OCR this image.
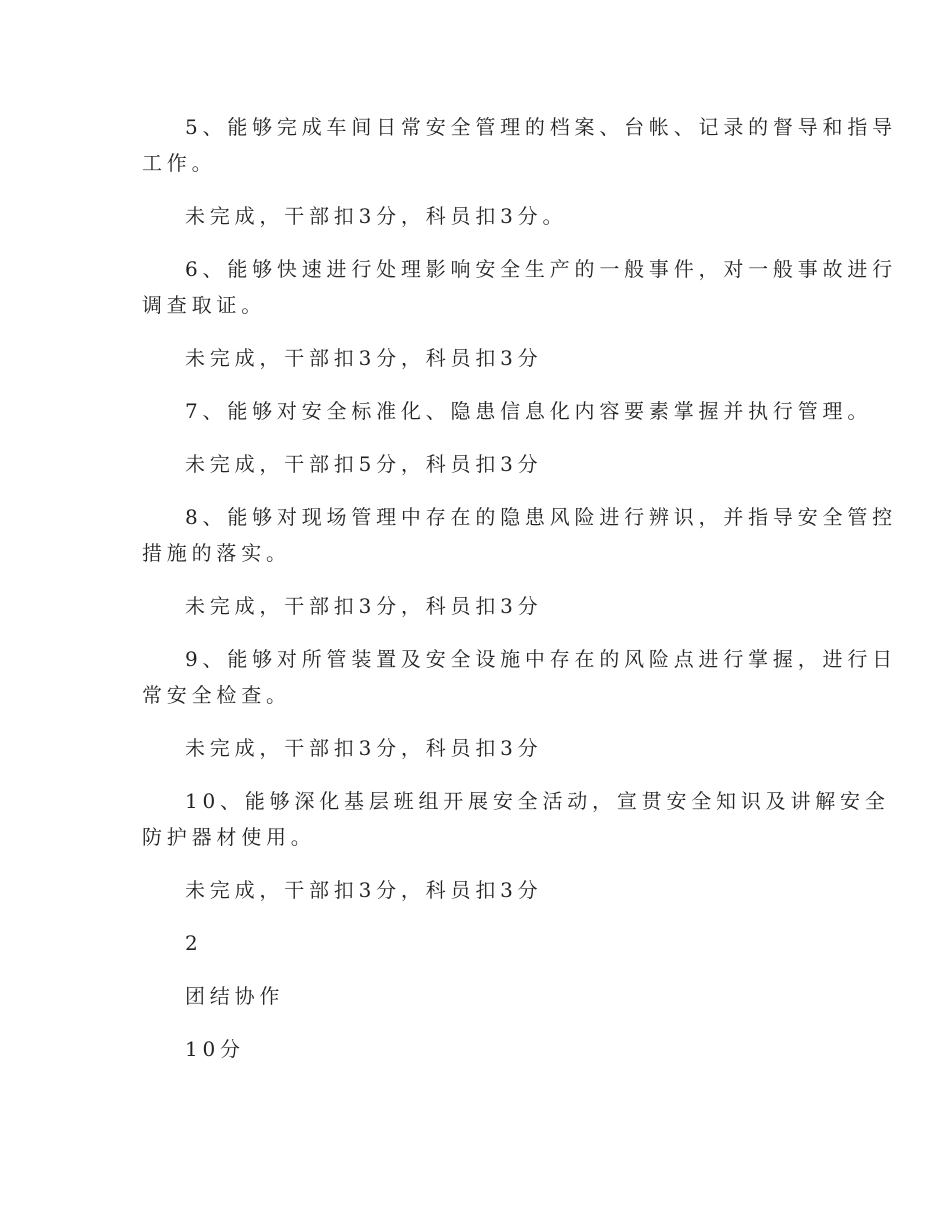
5、能够完成车间日常安全管理的档案、台帐、记录的督导和指导
工作。
未完成，干部扣3分，科员扣3分。
6、能够快速进行处理影响安全生产的一般事件，对一般事故进行
调查取证。
未完成，干部扣3分，科员扣3分
7、能够对安全标准化、隐患信息化内容要素掌握并执行管理。
未完成，干部扣5分，科员扣3分
8、能够对现场管理中存在的隐患风险进行辨识，并指导安全管控
措施的落实。
未完成，干部扣3分，科员扣3分
9、能够对所管装置及安全设施中存在的风险点进行掌握，进行日
常安全检查。
未完成，干部扣3分，科员扣3分
10、能够深化基层班组开展安全活动，宣贯安全知识及讲解安全
防护器材使用。
未完成，干部扣3分，科员扣3分
2
团结协作
10分
